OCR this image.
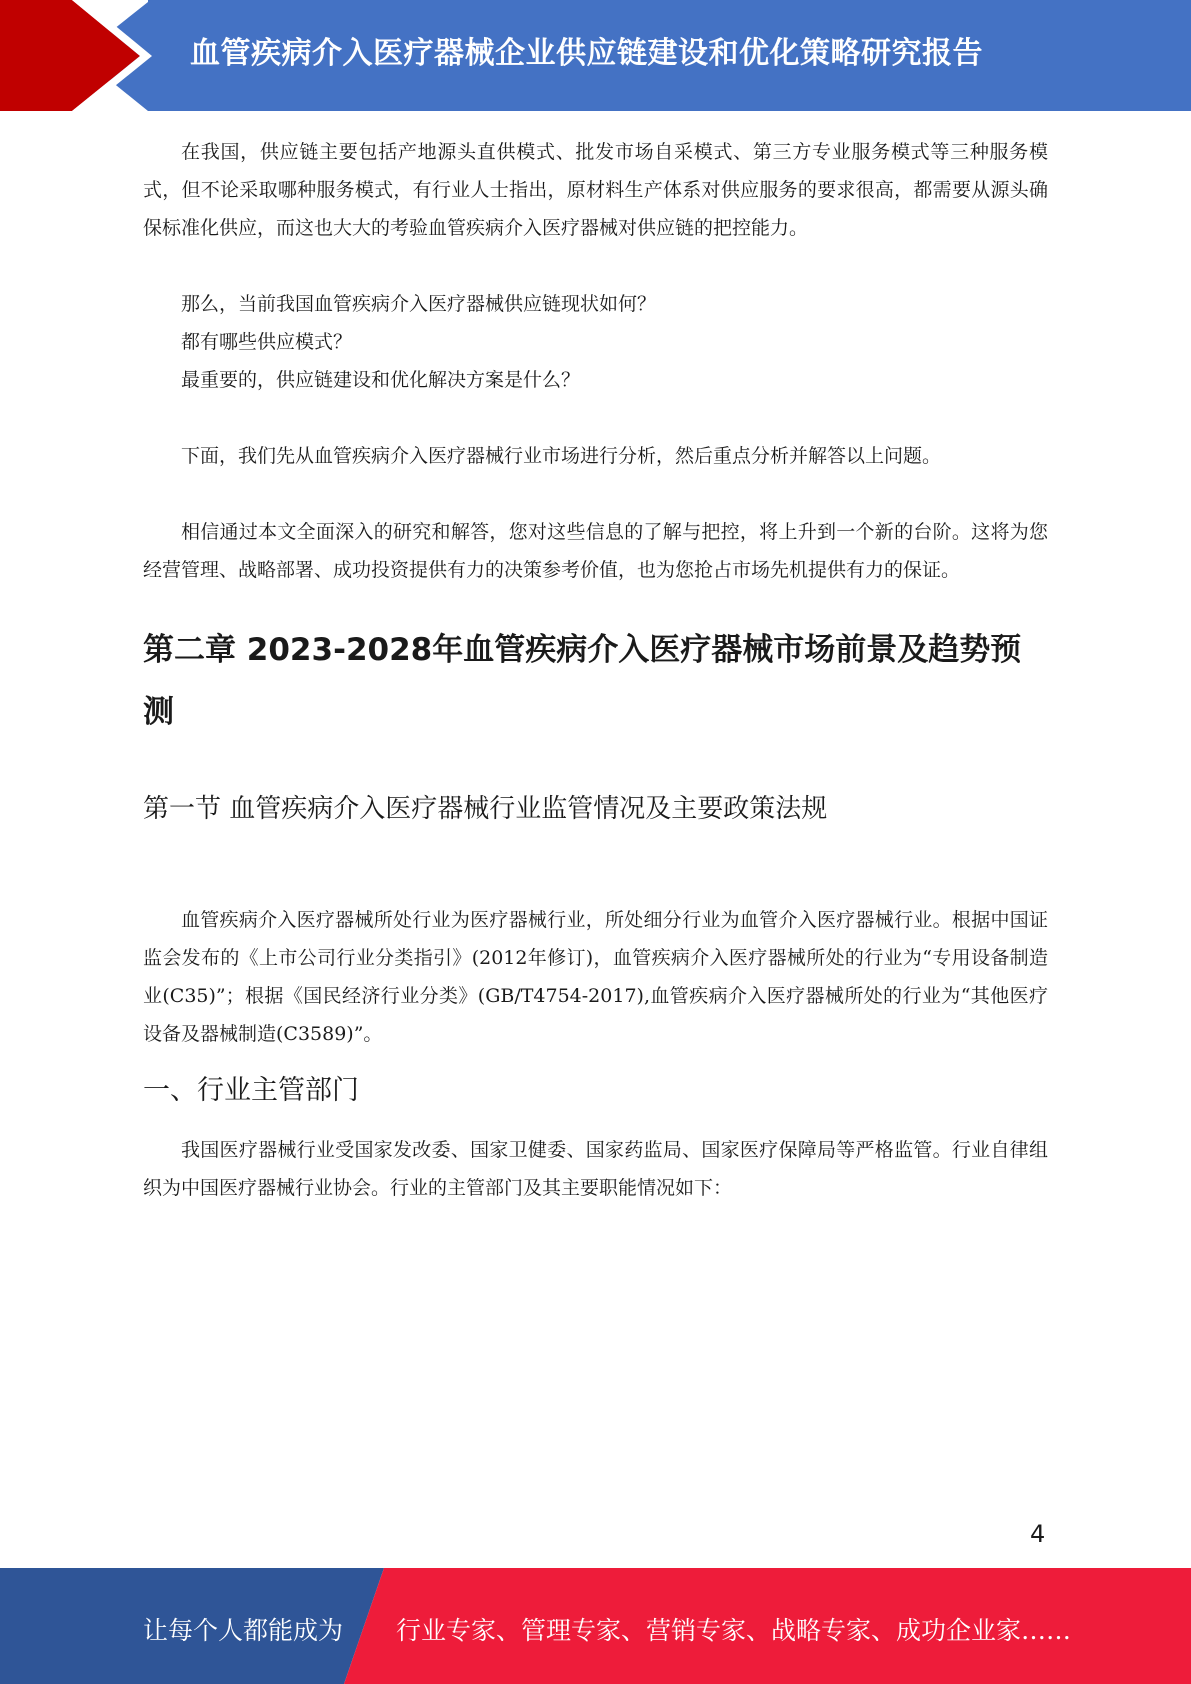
血管疾病介入医疗器械企业供应链建设和优化策略研究报告

在我国，供应链主要包括产地源头直供模式、批发市场自采模式、第三方专业服务模式等三种服务模式，但不论采取哪种服务模式，有行业人士指出，原材料生产体系对供应服务的要求很高，都需要从源头确保标准化供应，而这也大大的考验血管疾病介入医疗器械对供应链的把控能力。

那么，当前我国血管疾病介入医疗器械供应链现状如何？

都有哪些供应模式？

最重要的，供应链建设和优化解决方案是什么？

下面，我们先从血管疾病介入医疗器械行业市场进行分析，然后重点分析并解答以上问题。

相信通过本文全面深入的研究和解答，您对这些信息的了解与把控，将上升到一个新的台阶。这将为您经营管理、战略部署、成功投资提供有力的决策参考价值，也为您抢占市场先机提供有力的保证。

第二章 2023-2028年血管疾病介入医疗器械市场前景及趋势预测
第一节 血管疾病介入医疗器械行业监管情况及主要政策法规

血管疾病介入医疗器械所处行业为医疗器械行业，所处细分行业为血管介入医疗器械行业。根据中国证监会发布的《上市公司行业分类指引》(2012年修订)，血管疾病介入医疗器械所处的行业为“专用设备制造业(C35)”；根据《国民经济行业分类》(GB/T4754-2017),血管疾病介入医疗器械所处的行业为“其他医疗设备及器械制造(C3589)”。

一、行业主管部门

我国医疗器械行业受国家发改委、国家卫健委、国家药监局、国家医疗保障局等严格监管。行业自律组织为中国医疗器械行业协会。行业的主管部门及其主要职能情况如下：

4
让每个人都能成为 行业专家、管理专家、营销专家、战略专家、成功企业家……
